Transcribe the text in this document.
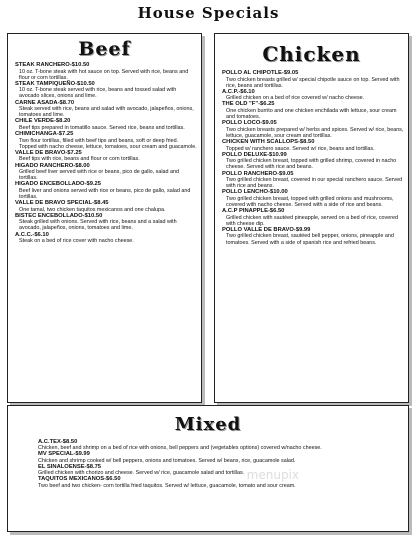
House Specials
Beef
STEAK RANCHERO-$10.50
10 oz. T-bone steak with hot sauce on top. Served with rice, beans and flour or corn tortillas.
STEAK TAMPIQUEÑO-$10.50
10 oz. T-bone steak served with rice, beans and tossed salad with avocado slices, onions and lime.
CARNE ASADA-$8.70
Steak served with rice, beans and salad with avocado, jalapeños, onions, tomatoes and lime.
CHILE VERDE-$8.20
Beef tips prepared in tomatillo sauce. Served rice, beans and tortillas.
CHIMICHANGA-$7.25
Two flour tortillas, filled with beef tips and beans, soft or deep fried. Topped with nacho cheese, lettuce, tomatoes, sour cream and guacamole.
VALLE DE BRAVO-$7.25
Beef tips with rice, beans and flour or corn tortillas.
HIGADO RANCHERO-$8.00
Grilled beef liver served with rice or beans, pico de gallo, salad and tortillas.
HIGADO ENCEBOLLADO-$9.25
Beef liver and onions served with rice or beans, pico de gallo, salad and tortillas.
VALLE DE BRAVO SPECIAL-$8.45
One tamal, two chicken taquitos mexicanos and one chalupa.
BISTEC ENCEBOLLADO-$10.50
Steak grilled with onions. Served with rice, beans and a salad with avocado, jalapeños, onions, tomatoes and lime.
A.C.C.-$6.10
Steak on a bed of rice cover with nacho cheese.
Chicken
POLLO AL CHIPOTLE-$9.05
Two chicken breasts grilled w/ special chipotle sauce on top. Served with rice, beans and tortillas.
A.C.P.-$6.10
Grilled chicken on a bed of rice covered w/ nacho cheese.
THE OLD "F"-$6.25
One chicken burrito and one chicken enchilada with lettuce, sour cream and tomatoes.
POLLO LOCO-$9.05
Two chicken breasts prepared w/ herbs and spices. Served w/ rice, beans, lettuce, guacamole, sour cream and tortillas.
CHICKEN WITH SCALLOPS-$8.50
Topped w/ ranchero sauce. Served w/ rice, beans and tortillas.
POLLO DELUXE-$10.99
Two grilled chicken breast, topped with grilled shrimp, covered in nacho cheese. Served with rice and beans.
POLLO RANCHERO-$9.05
Two grilled chicken breast, covered in our special ranchero sauce. Served with rice and beans.
POLLO LENCHO-$10.00
Two grilled chicken breast, topped with grilled onions and mushrooms, covered with nacho cheese. Served with a side of rice and beans.
A.C.P PINAPPLE-$6.50
Grilled chicken with sautéed pineapple, served on a bed of rice, covered with cheese dip.
POLLO VALLE DE BRAVO-$9.99
Two grilled chicken breast, sautéed bell pepper, onions, pineapple and tomatoes. Served with a side of spanish rice and refried beans.
Mixed
A.C.TEX-$8.50
Chicken, beef and shrimp on a bed of rice with onions, bell peppers and (vegetables options) covered w/nacho cheese.
MV SPECIAL-$9.99
Chicken and shrimp cooked w/ bell peppers, onions and tomatoes. Served w/ beans, rice, guacamole salad.
EL SINALOENSE-$8.75
Grilled chicken with chorizo and cheese. Served w/ rice, guacamole salad and tortillas.
TAQUITOS MEXICANOS-$6.50
Two beef and two chicken- corn tortilla fried taquitos. Served w/ lettuce, guacamole, tomato and sour cream.
menupix
